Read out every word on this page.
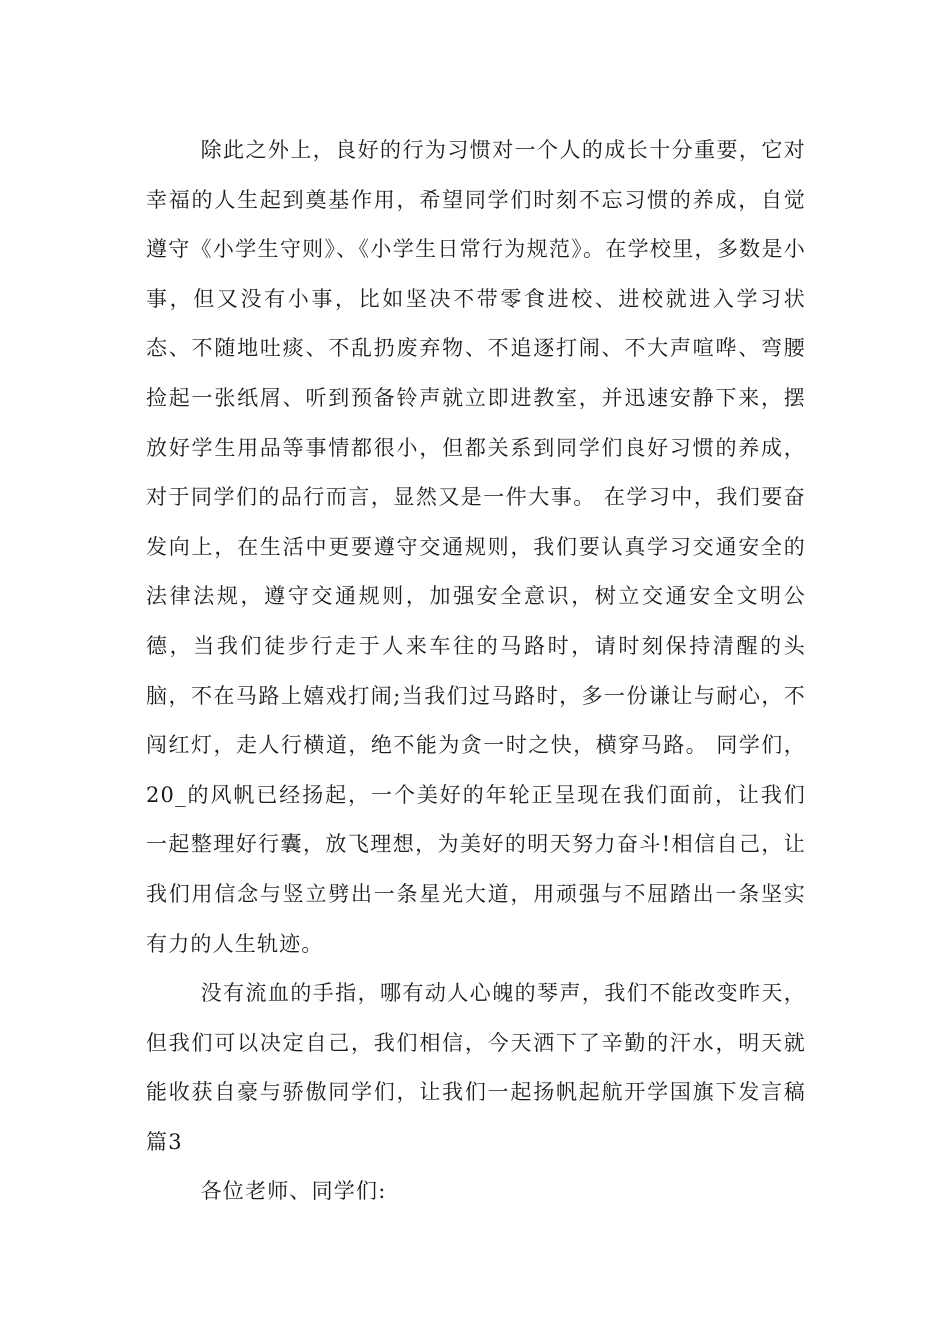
除此之外上，良好的行为习惯对一个人的成长十分重要，它对幸福的人生起到奠基作用，希望同学们时刻不忘习惯的养成，自觉遵守《小学生守则》、《小学生日常行为规范》。在学校里，多数是小事，但又没有小事，比如坚决不带零食进校、进校就进入学习状态、不随地吐痰、不乱扔废弃物、不追逐打闹、不大声喧哗、弯腰捡起一张纸屑、听到预备铃声就立即进教室，并迅速安静下来，摆放好学生用品等事情都很小，但都关系到同学们良好习惯的养成，对于同学们的品行而言，显然又是一件大事。 在学习中，我们要奋发向上，在生活中更要遵守交通规则，我们要认真学习交通安全的法律法规，遵守交通规则，加强安全意识，树立交通安全文明公德，当我们徒步行走于人来车往的马路时，请时刻保持清醒的头脑，不在马路上嬉戏打闹;当我们过马路时，多一份谦让与耐心，不闯红灯，走人行横道，绝不能为贪一时之快，横穿马路。 同学们，20_的风帆已经扬起，一个美好的年轮正呈现在我们面前，让我们一起整理好行囊，放飞理想，为美好的明天努力奋斗!相信自己，让我们用信念与竖立劈出一条星光大道，用顽强与不屈踏出一条坚实有力的人生轨迹。

没有流血的手指，哪有动人心魄的琴声，我们不能改变昨天，但我们可以决定自己，我们相信，今天洒下了辛勤的汗水，明天就能收获自豪与骄傲同学们，让我们一起扬帆起航开学国旗下发言稿篇3

各位老师、同学们:
